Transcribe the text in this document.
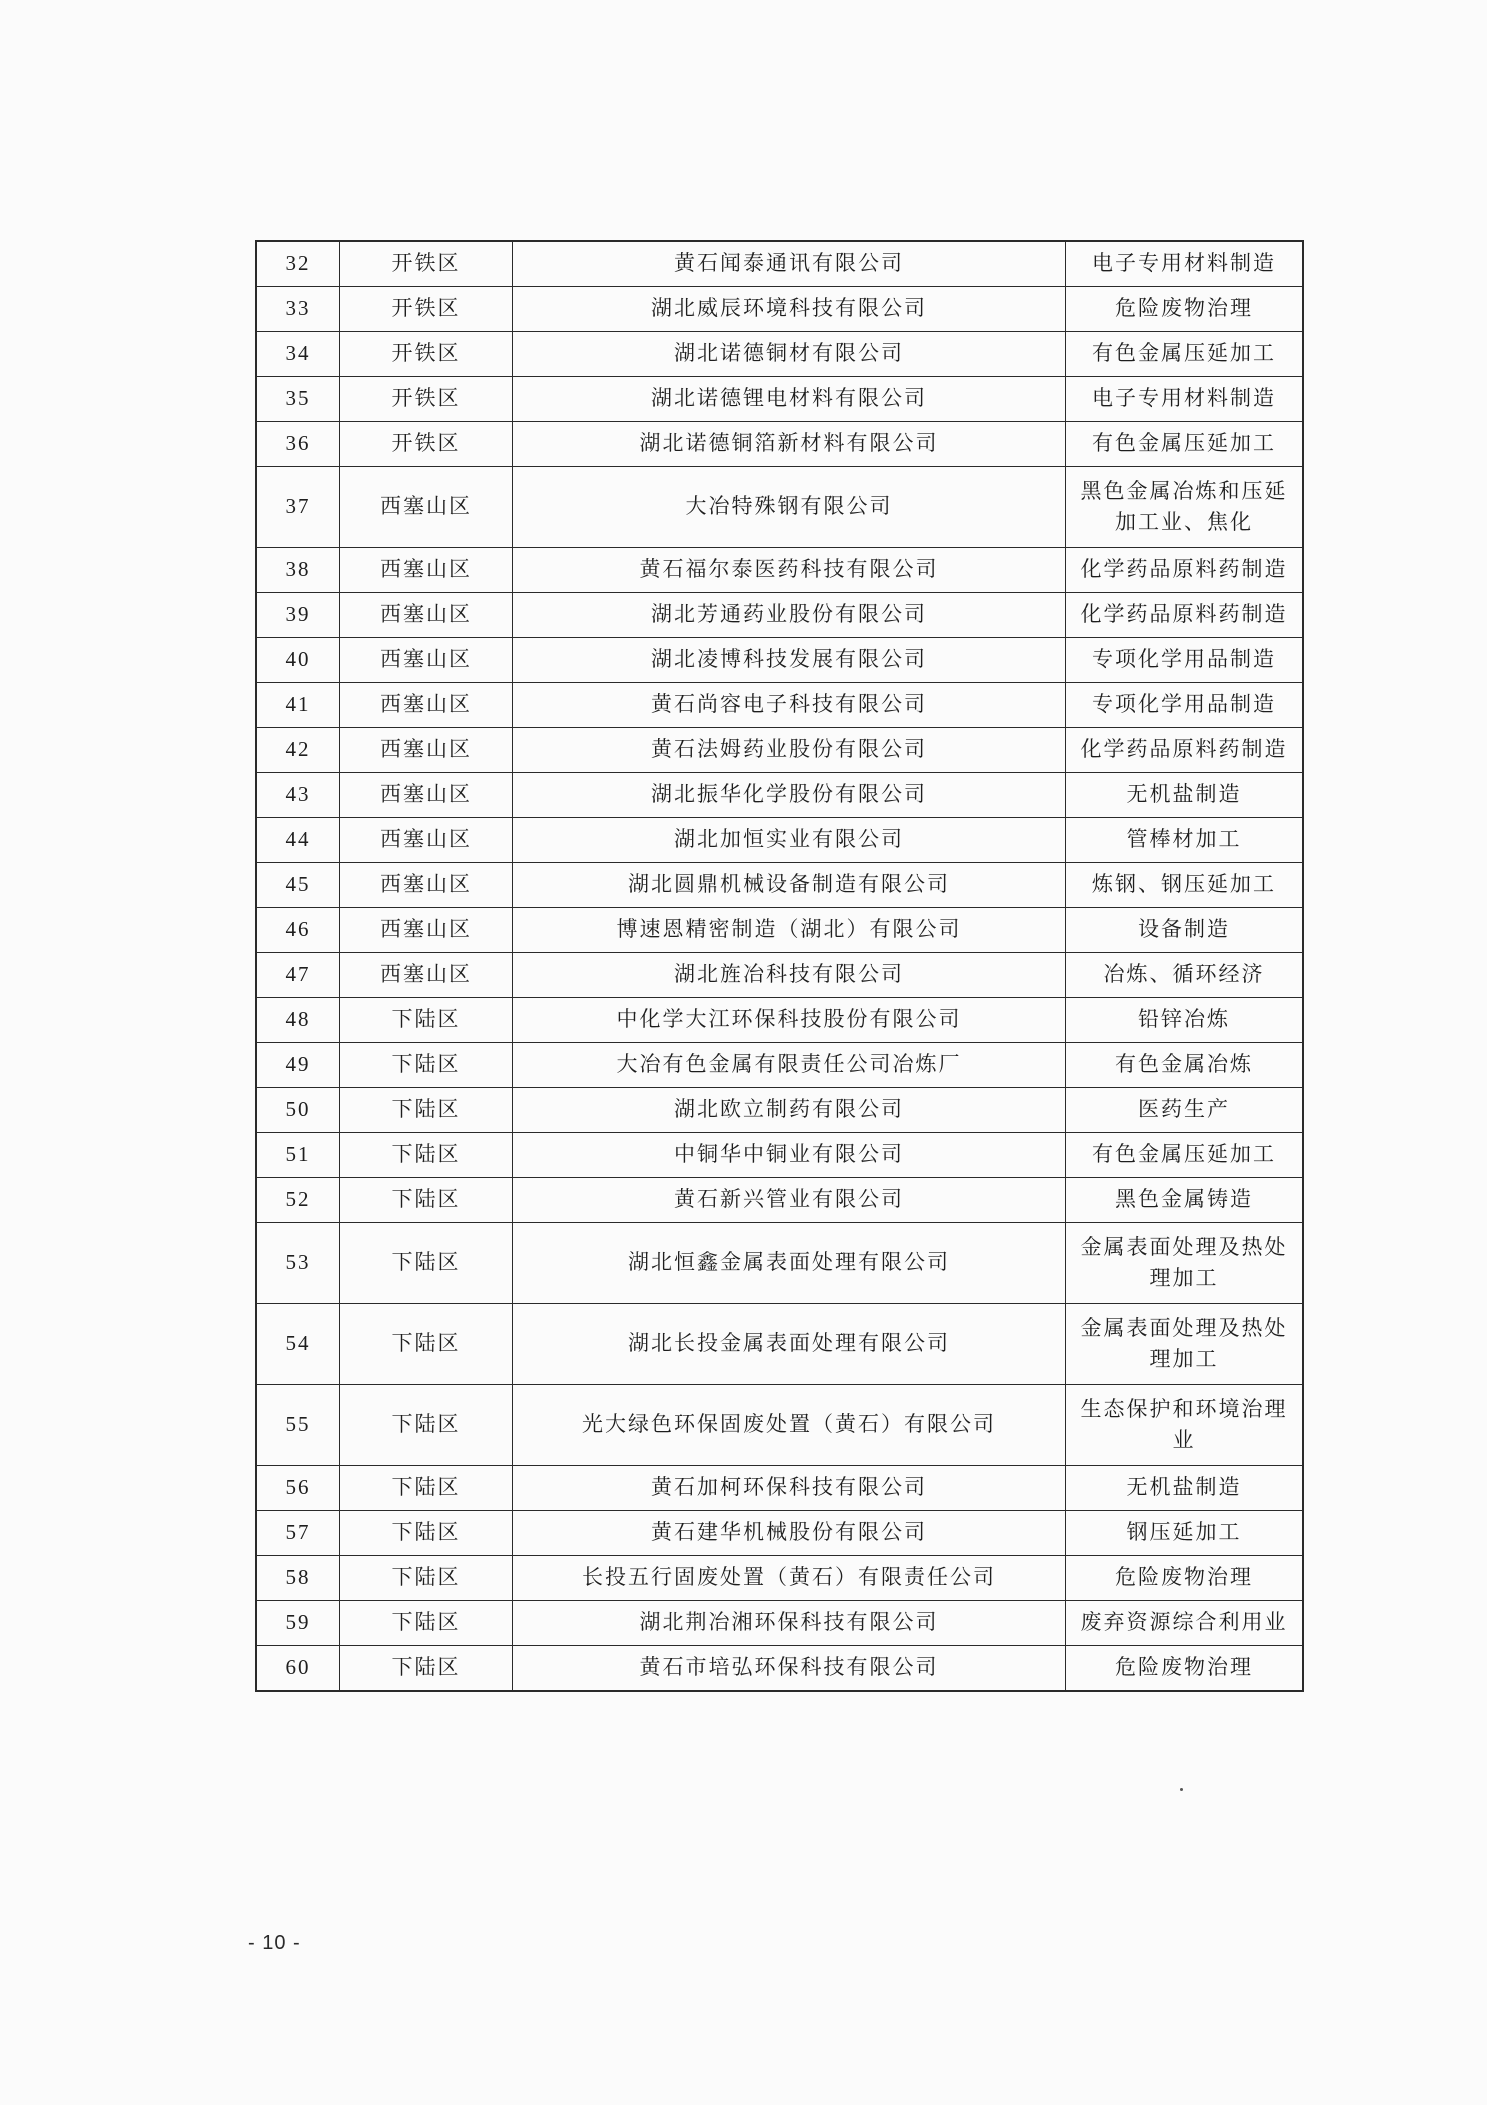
32	开铁区	黄石闻泰通讯有限公司	电子专用材料制造
33	开铁区	湖北威辰环境科技有限公司	危险废物治理
34	开铁区	湖北诺德铜材有限公司	有色金属压延加工
35	开铁区	湖北诺德锂电材料有限公司	电子专用材料制造
36	开铁区	湖北诺德铜箔新材料有限公司	有色金属压延加工
37	西塞山区	大冶特殊钢有限公司	黑色金属冶炼和压延加工业、焦化
38	西塞山区	黄石福尔泰医药科技有限公司	化学药品原料药制造
39	西塞山区	湖北芳通药业股份有限公司	化学药品原料药制造
40	西塞山区	湖北凌博科技发展有限公司	专项化学用品制造
41	西塞山区	黄石尚容电子科技有限公司	专项化学用品制造
42	西塞山区	黄石法姆药业股份有限公司	化学药品原料药制造
43	西塞山区	湖北振华化学股份有限公司	无机盐制造
44	西塞山区	湖北加恒实业有限公司	管棒材加工
45	西塞山区	湖北圆鼎机械设备制造有限公司	炼钢、钢压延加工
46	西塞山区	博速恩精密制造（湖北）有限公司	设备制造
47	西塞山区	湖北旌冶科技有限公司	冶炼、循环经济
48	下陆区	中化学大江环保科技股份有限公司	铅锌冶炼
49	下陆区	大冶有色金属有限责任公司冶炼厂	有色金属冶炼
50	下陆区	湖北欧立制药有限公司	医药生产
51	下陆区	中铜华中铜业有限公司	有色金属压延加工
52	下陆区	黄石新兴管业有限公司	黑色金属铸造
53	下陆区	湖北恒鑫金属表面处理有限公司	金属表面处理及热处理加工
54	下陆区	湖北长投金属表面处理有限公司	金属表面处理及热处理加工
55	下陆区	光大绿色环保固废处置（黄石）有限公司	生态保护和环境治理业
56	下陆区	黄石加柯环保科技有限公司	无机盐制造
57	下陆区	黄石建华机械股份有限公司	钢压延加工
58	下陆区	长投五行固废处置（黄石）有限责任公司	危险废物治理
59	下陆区	湖北荆冶湘环保科技有限公司	废弃资源综合利用业
60	下陆区	黄石市培弘环保科技有限公司	危险废物治理
- 10 -
